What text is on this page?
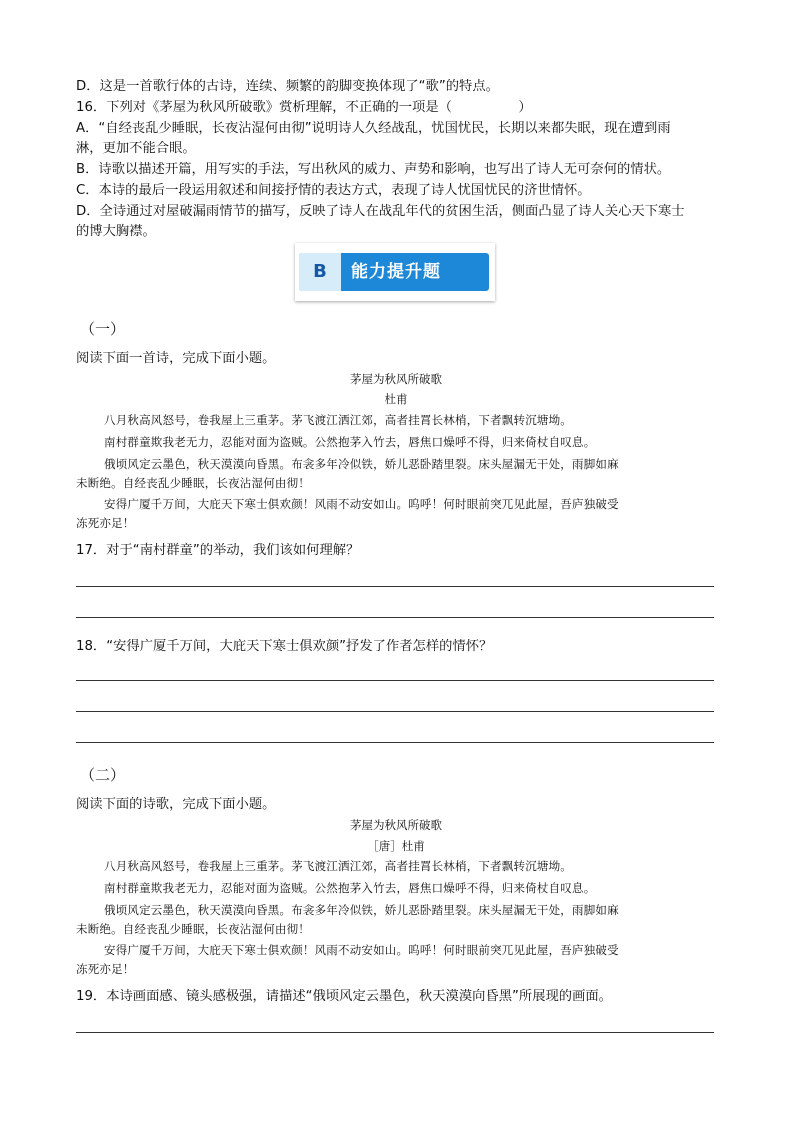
D．这是一首歌行体的古诗，连续、频繁的韵脚变换体现了“歌”的特点。
16．下列对《茅屋为秋风所破歌》赏析理解，不正确的一项是（　　　　　）
A．“自经丧乱少睡眠，长夜沾湿何由彻”说明诗人久经战乱，忧国忧民，长期以来都失眠，现在遭到雨
淋，更加不能合眼。
B．诗歌以描述开篇，用写实的手法，写出秋风的威力、声势和影响，也写出了诗人无可奈何的情状。
C．本诗的最后一段运用叙述和间接抒情的表达方式，表现了诗人忧国忧民的济世情怀。
D．全诗通过对屋破漏雨情节的描写，反映了诗人在战乱年代的贫困生活，侧面凸显了诗人关心天下寒士
的博大胸襟。
B	能力提升题
（一）
阅读下面一首诗，完成下面小题。
茅屋为秋风所破歌
杜甫
八月秋高风怒号，卷我屋上三重茅。茅飞渡江洒江郊，高者挂罥长林梢，下者飘转沉塘坳。
南村群童欺我老无力，忍能对面为盗贼。公然抱茅入竹去，唇焦口燥呼不得，归来倚杖自叹息。
俄顷风定云墨色，秋天漠漠向昏黑。布衾多年冷似铁，娇儿恶卧踏里裂。床头屋漏无干处，雨脚如麻
未断绝。自经丧乱少睡眠，长夜沾湿何由彻！
安得广厦千万间，大庇天下寒士俱欢颜！风雨不动安如山。呜呼！何时眼前突兀见此屋，吾庐独破受
冻死亦足！
17．对于“南村群童”的举动，我们该如何理解？
18．“安得广厦千万间，大庇天下寒士俱欢颜”抒发了作者怎样的情怀？
（二）
阅读下面的诗歌，完成下面小题。
茅屋为秋风所破歌
［唐］杜甫
八月秋高风怒号，卷我屋上三重茅。茅飞渡江洒江郊，高者挂罥长林梢，下者飘转沉塘坳。
南村群童欺我老无力，忍能对面为盗贼。公然抱茅入竹去，唇焦口燥呼不得，归来倚杖自叹息。
俄顷风定云墨色，秋天漠漠向昏黑。布衾多年冷似铁，娇儿恶卧踏里裂。床头屋漏无干处，雨脚如麻
未断绝。自经丧乱少睡眠，长夜沾湿何由彻！
安得广厦千万间，大庇天下寒士俱欢颜！风雨不动安如山。呜呼！何时眼前突兀见此屋，吾庐独破受
冻死亦足！
19．本诗画面感、镜头感极强，请描述“俄顷风定云墨色，秋天漠漠向昏黑”所展现的画面。
